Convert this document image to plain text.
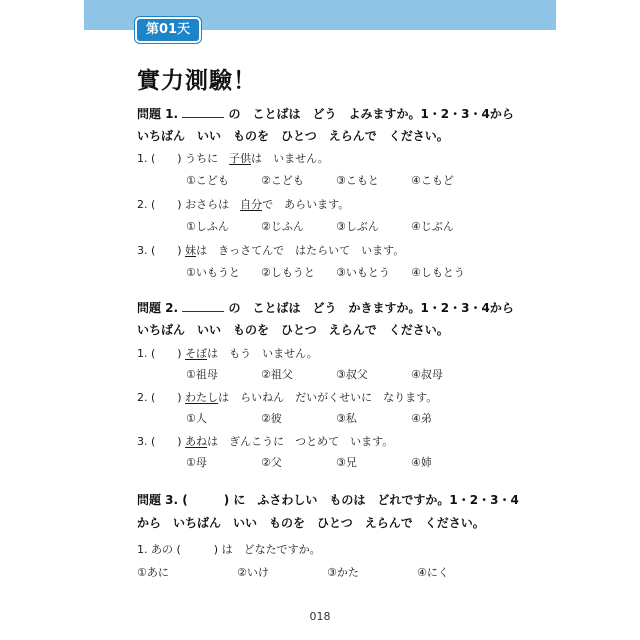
第01天
實力測驗！
問題 1.	の　ことばは　どう　よみますか。1・2・3・4から
いちばん　いい　ものを　ひとつ　えらんで　ください。
1. (　　) うちに　子供は　いません。
①こども	②こども	③こもと	④こもど
2. (　　) おさらは　自分で　あらいます。
①しふん	②じふん	③しぶん	④じぶん
3. (　　) 妹は　きっさてんで　はたらいて　います。
①いもうと ②しもうと ③いもとう ④しもとう
問題 2.	の　ことばは　どう　かきますか。1・2・3・4から
いちばん　いい　ものを　ひとつ　えらんで　ください。
1. (　　) そぼは　もう　いません。
①祖母	②祖父	③叔父	④叔母
2. (　　) わたしは　らいねん　だいがくせいに　なります。
①人	②彼	③私	④弟
3. (　　) あねは　ぎんこうに　つとめて　います。
①母	②父	③兄	④姉
問題 3. (　　　) に　ふさわしい　ものは　どれですか。1・2・3・4
から　いちばん　いい　ものを　ひとつ　えらんで　ください。
1. あの (　　　) は　どなたですか。
①あに	②いけ	③かた	④にく
018
